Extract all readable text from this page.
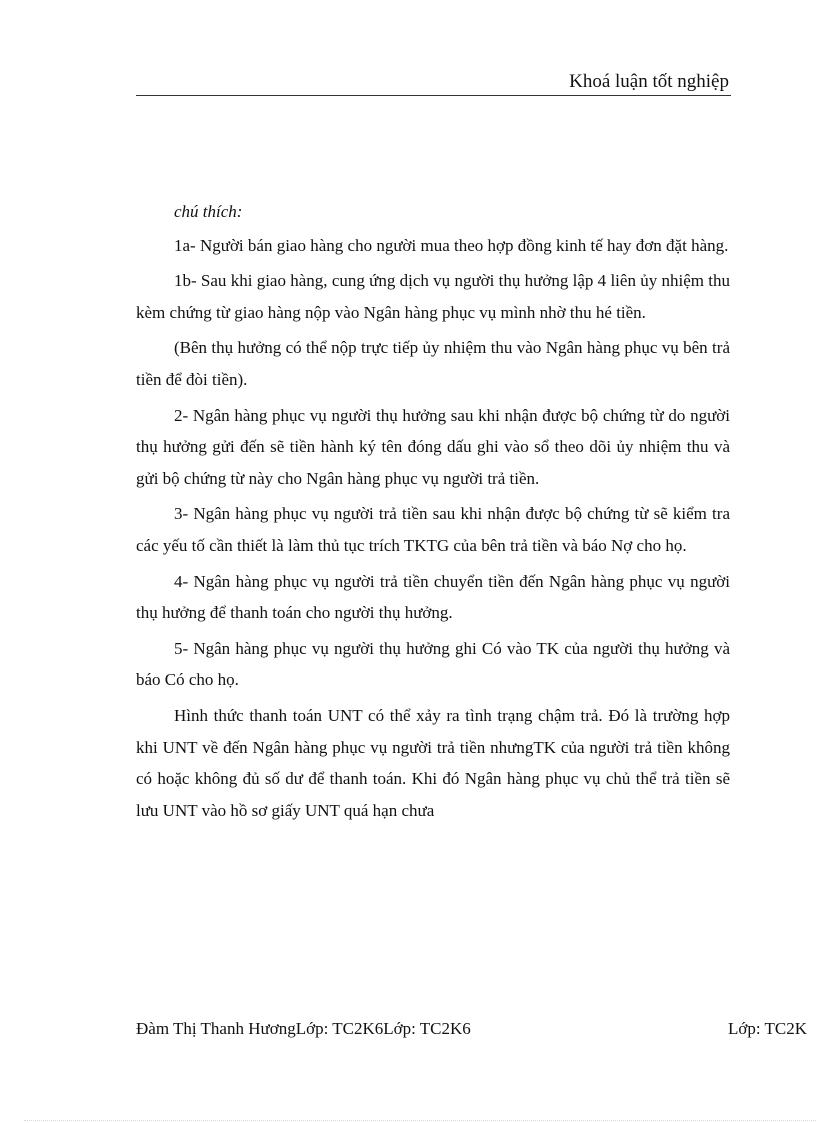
Khoá luận tốt nghiệp

chú thích:

1a- Người bán giao hàng cho người mua theo hợp đồng kinh tế hay đơn đặt hàng.

1b- Sau khi giao hàng, cung ứng dịch vụ người thụ hưởng lập 4 liên ủy nhiệm thu kèm chứng từ giao hàng nộp vào Ngân hàng phục vụ mình nhờ thu hé tiền.

(Bên thụ hưởng có thể nộp trực tiếp ủy nhiệm thu vào Ngân hàng phục vụ bên trả tiền để đòi tiền).

2- Ngân hàng phục vụ người thụ hưởng sau khi nhận được bộ chứng từ do người thụ hưởng gửi đến sẽ tiền hành ký tên đóng dấu ghi vào sổ theo dõi ủy nhiệm thu và gửi bộ chứng từ này cho Ngân hàng phục vụ người trả tiền.

3- Ngân hàng phục vụ người trả tiền sau khi nhận được bộ chứng từ sẽ kiểm tra các yếu tố cần thiết là làm thủ tục trích TKTG của bên trả tiền và báo Nợ cho họ.

4- Ngân hàng phục vụ người trả tiền chuyển tiền đến Ngân hàng phục vụ người thụ hưởng để thanh toán cho người thụ hưởng.

5- Ngân hàng phục vụ người thụ hưởng ghi Có vào TK của người thụ hưởng và báo Có cho họ.

Hình thức thanh toán UNT có thể xảy ra tình trạng chậm trả. Đó là trường hợp khi UNT về đến Ngân hàng phục vụ người trả tiền nhưngTK của người trả tiền không có hoặc không đủ số dư để thanh toán. Khi đó Ngân hàng phục vụ chủ thể trả tiền sẽ lưu UNT vào hồ sơ giấy UNT quá hạn chưa

Đàm Thị Thanh HươngLớp: TC2K6Lớp: TC2K6	Lớp: TC2K
